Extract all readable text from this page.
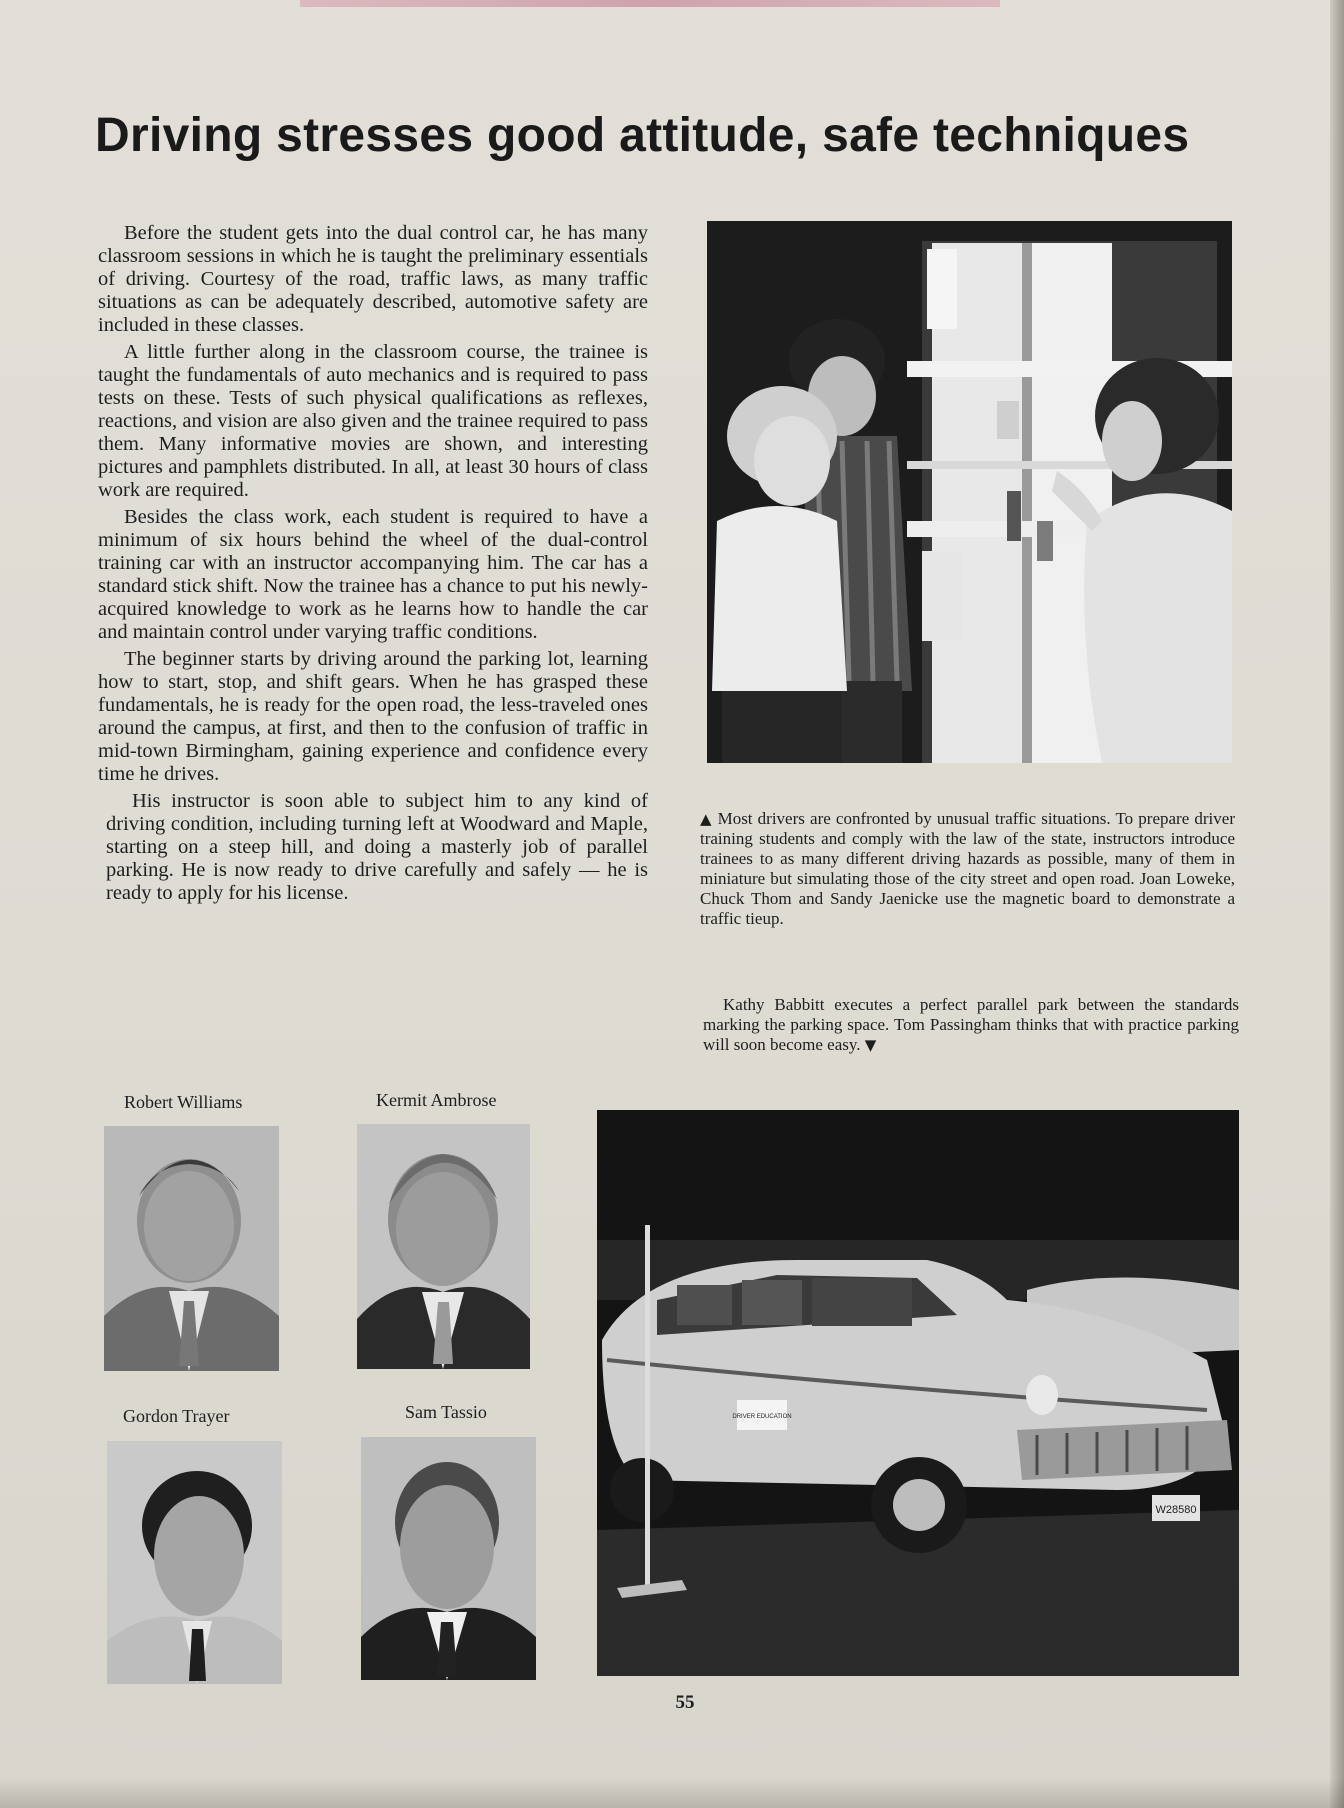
Driving stresses good attitude, safe techniques

Before the student gets into the dual control car, he has many classroom sessions in which he is taught the preliminary essentials of driving. Courtesy of the road, traffic laws, as many traffic situations as can be adequately described, automotive safety are included in these classes.

A little further along in the classroom course, the trainee is taught the fundamentals of auto mechanics and is required to pass tests on these. Tests of such physical qualifications as reflexes, reactions, and vision are also given and the trainee required to pass them. Many informative movies are shown, and interesting pictures and pamphlets distributed. In all, at least 30 hours of class work are required.

Besides the class work, each student is required to have a minimum of six hours behind the wheel of the dual-control training car with an instructor accompanying him. The car has a standard stick shift. Now the trainee has a chance to put his newly-acquired knowledge to work as he learns how to handle the car and maintain control under varying traffic conditions.

The beginner starts by driving around the parking lot, learning how to start, stop, and shift gears. When he has grasped these fundamentals, he is ready for the open road, the less-traveled ones around the campus, at first, and then to the confusion of traffic in mid-town Birmingham, gaining experience and confidence every time he drives.

His instructor is soon able to subject him to any kind of driving condition, including turning left at Woodward and Maple, starting on a steep hill, and doing a masterly job of parallel parking. He is now ready to drive carefully and safely — he is ready to apply for his license.

▲ Most drivers are confronted by unusual traffic situations. To prepare driver training students and comply with the law of the state, instructors introduce trainees to as many different driving hazards as possible, many of them in miniature but simulating those of the city street and open road. Joan Loweke, Chuck Thom and Sandy Jaenicke use the magnetic board to demonstrate a traffic tieup.
Kathy Babbitt executes a perfect parallel park between the standards marking the parking space. Tom Passingham thinks that with practice parking will soon become easy. ▼
Robert Williams	Kermit Ambrose
Gordon Trayer	Sam Tassio	DRIVER EDUCATION
W28580
55
